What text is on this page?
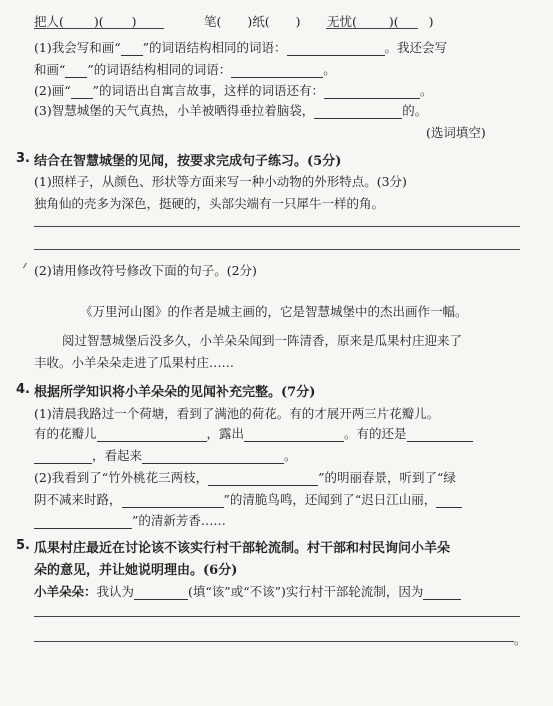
把人( )( )	笔( )纸( ) 无忧(	)( )
(1)我会写和画“ ”的词语结构相同的词语：	。我还会写
和画“ ”的词语结构相同的词语：	。
(2)画“ ”的词语出自寓言故事，这样的词语还有：	。
(3)智慧城堡的天气真热，小羊被晒得垂拉着脑袋，	的。
(选词填空)
3. 结合在智慧城堡的见闻，按要求完成句子练习。(5分)
(1)照样子，从颜色、形状等方面来写一种小动物的外形特点。(3分)
独角仙的壳多为深色，挺硬的，头部尖端有一只犀牛一样的角。
(2)请用修改符号修改下面的句子。(2分)
《万里河山图》的作者是城主画的，它是智慧城堡中的杰出画作一幅。
阅过智慧城堡后没多久，小羊朵朵闻到一阵清香，原来是瓜果村庄迎来了
丰收。小羊朵朵走进了瓜果村庄……
4. 根据所学知识将小羊朵朵的见闻补充完整。(7分)
(1)清晨我路过一个荷塘，看到了满池的荷花。有的才展开两三片花瓣儿。
有的花瓣儿	，露出	。有的还是
，看起来	。
(2)我看到了“竹外桃花三两枝，	”的明丽春景，听到了“绿
阴不减来时路，	”的清脆鸟鸣，还闻到了“迟日江山丽，
”的清新芳香……
5. 瓜果村庄最近在讨论该不该实行村干部轮流制。村干部和村民询问小羊朵
朵的意见，并让她说明理由。(6分)
小羊朵朵：我认为	(填“该”或“不该”)实行村干部轮流制，因为
。
